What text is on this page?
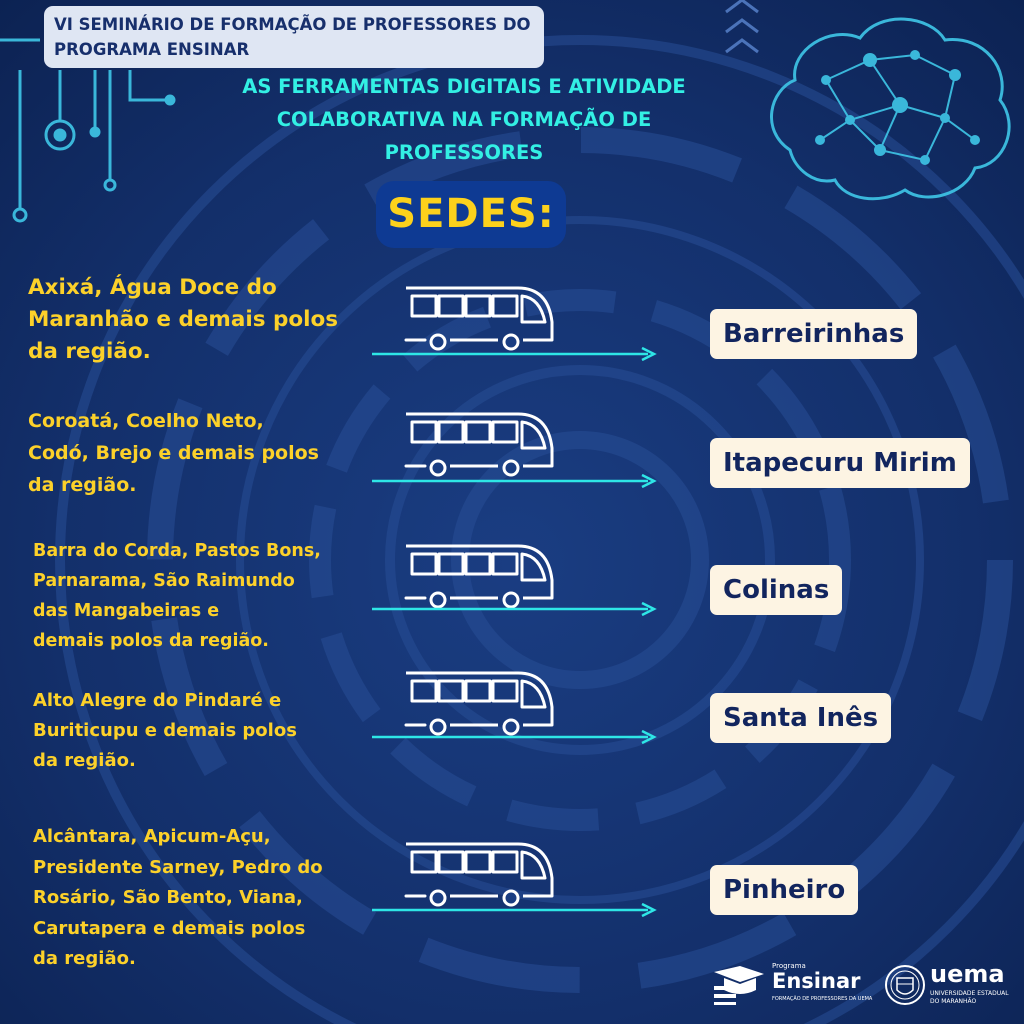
VI SEMINÁRIO DE FORMAÇÃO DE PROFESSORES DO
PROGRAMA ENSINAR
AS FERRAMENTAS DIGITAIS E ATIVIDADE
COLABORATIVA NA FORMAÇÃO DE
PROFESSORES
SEDES:
Axixá, Água Doce do
Maranhão e demais polos
da região.
Barreirinhas
Coroatá, Coelho Neto,
Codó, Brejo e demais polos
da região.
Itapecuru Mirim
Barra do Corda, Pastos Bons,
Parnarama, São Raimundo
das Mangabeiras e
demais polos da região.
Colinas
Alto Alegre do Pindaré e
Buriticupu e demais polos
da região.
Santa Inês
Alcântara, Apicum-Açu,
Presidente Sarney, Pedro do
Rosário, São Bento, Viana,
Carutapera e demais polos
da região.
Pinheiro
Programa
Ensinar
FORMAÇÃO DE PROFESSORES DA UEMA
uema
UNIVERSIDADE ESTADUAL
DO MARANHÃO
